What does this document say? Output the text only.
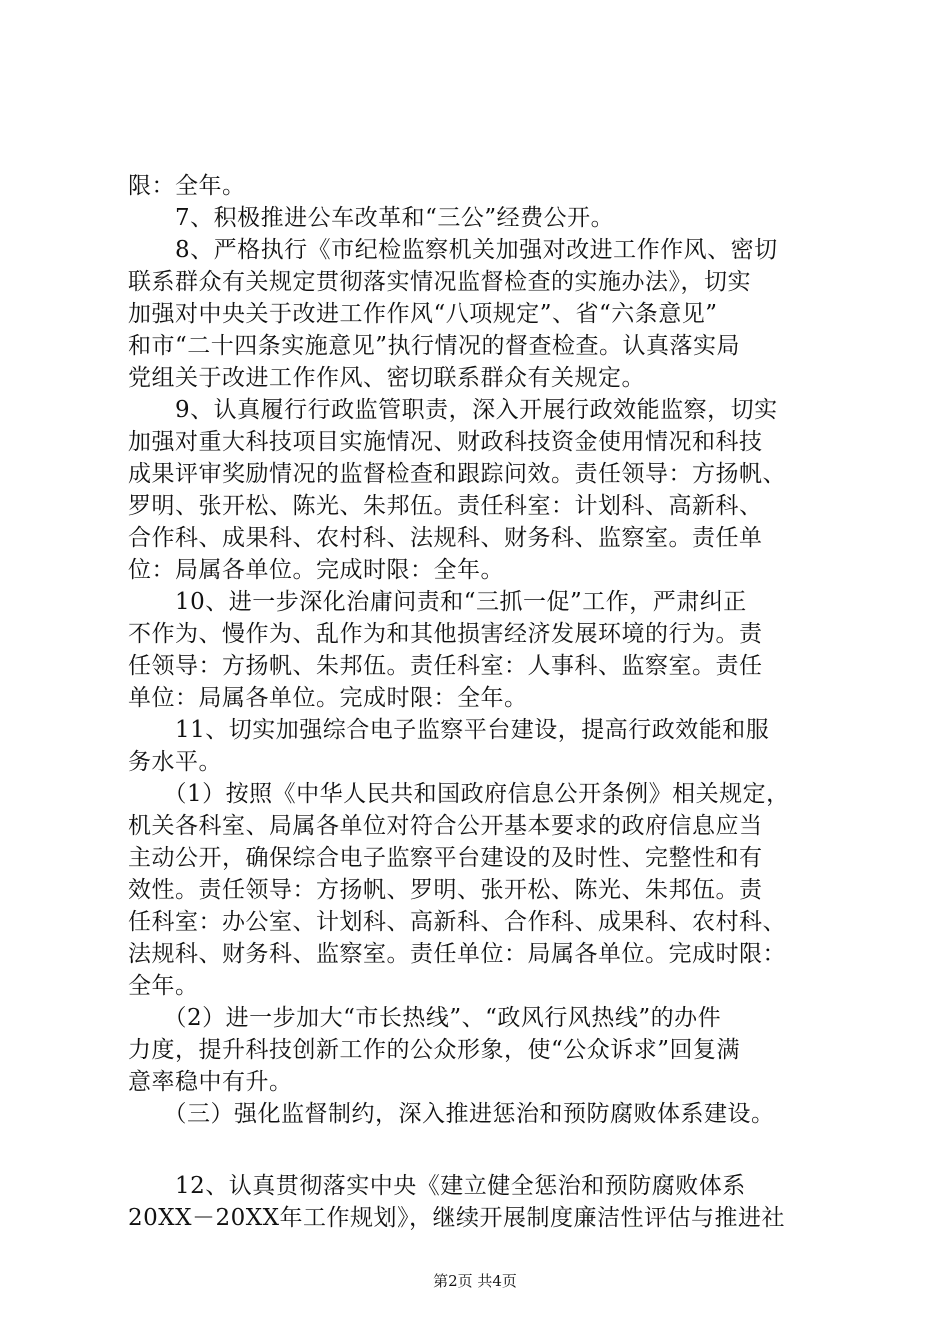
限：全年。
　　7、积极推进公车改革和“三公”经费公开。
　　8、严格执行《市纪检监察机关加强对改进工作作风、密切
联系群众有关规定贯彻落实情况监督检查的实施办法》，切实
加强对中央关于改进工作作风“八项规定”、省“六条意见”
和市“二十四条实施意见”执行情况的督查检查。认真落实局
党组关于改进工作作风、密切联系群众有关规定。
　　9、认真履行行政监管职责，深入开展行政效能监察，切实
加强对重大科技项目实施情况、财政科技资金使用情况和科技
成果评审奖励情况的监督检查和跟踪问效。责任领导：方扬帆、
罗明、张开松、陈光、朱邦伍。责任科室：计划科、高新科、
合作科、成果科、农村科、法规科、财务科、监察室。责任单
位：局属各单位。完成时限：全年。
　　10、进一步深化治庸问责和“三抓一促”工作，严肃纠正
不作为、慢作为、乱作为和其他损害经济发展环境的行为。责
任领导：方扬帆、朱邦伍。责任科室：人事科、监察室。责任
单位：局属各单位。完成时限：全年。
　　11、切实加强综合电子监察平台建设，提高行政效能和服
务水平。
　　（1）按照《中华人民共和国政府信息公开条例》相关规定，
机关各科室、局属各单位对符合公开基本要求的政府信息应当
主动公开，确保综合电子监察平台建设的及时性、完整性和有
效性。责任领导：方扬帆、罗明、张开松、陈光、朱邦伍。责
任科室：办公室、计划科、高新科、合作科、成果科、农村科、
法规科、财务科、监察室。责任单位：局属各单位。完成时限：
全年。
　　（2）进一步加大“市长热线”、“政风行风热线”的办件
力度，提升科技创新工作的公众形象，使“公众诉求”回复满
意率稳中有升。
　　（三）强化监督制约，深入推进惩治和预防腐败体系建设。
　　12、认真贯彻落实中央《建立健全惩治和预防腐败体系
20XX－20XX年工作规划》，继续开展制度廉洁性评估与推进社
第2页 共4页
